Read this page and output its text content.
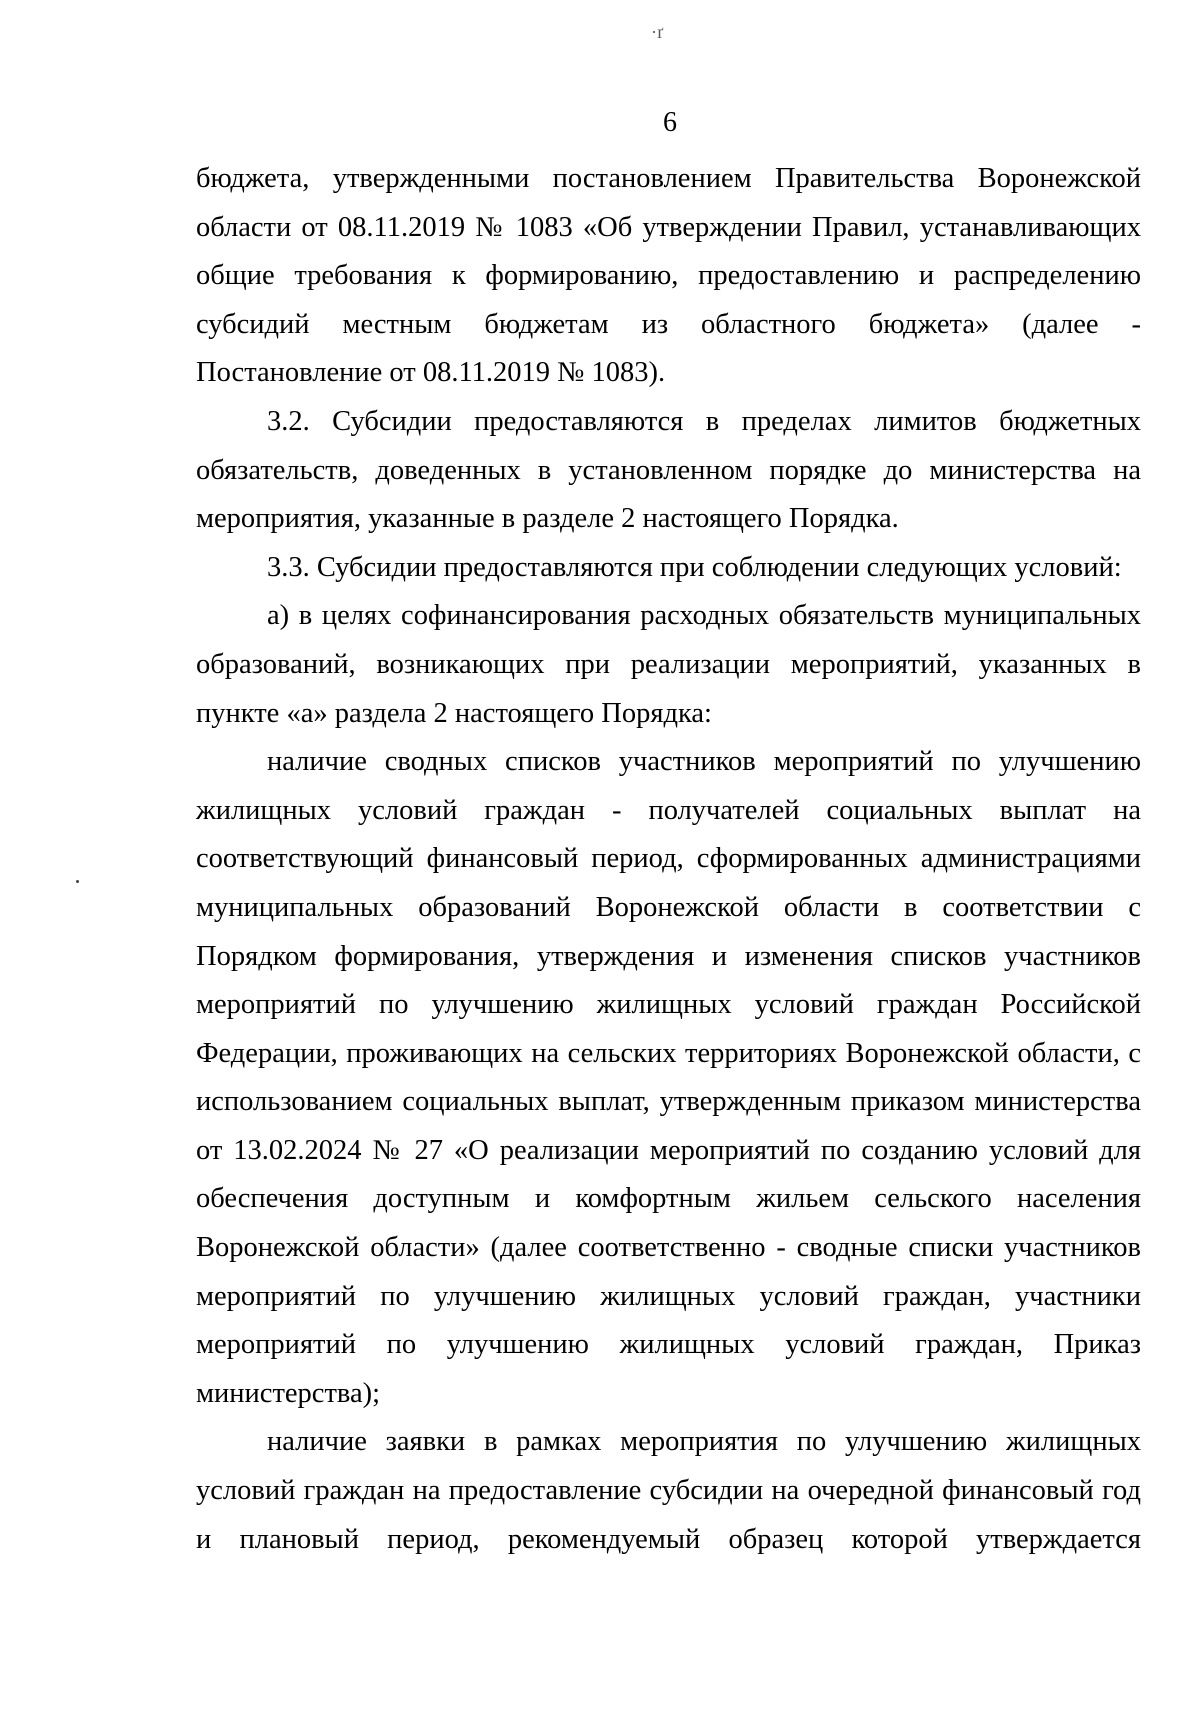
·ґ
6

бюджета, утвержденными постановлением Правительства Воронежской области от 08.11.2019 № 1083 «Об утверждении Правил, устанавливающих общие требования к формированию, предоставлению и распределению субсидий местным бюджетам из областного бюджета» (далее - Постановление от 08.11.2019 № 1083).

3.2. Субсидии предоставляются в пределах лимитов бюджетных обязательств, доведенных в установленном порядке до министерства на мероприятия, указанные в разделе 2 настоящего Порядка.

3.3. Субсидии предоставляются при соблюдении следующих условий:

а) в целях софинансирования расходных обязательств муниципальных образований, возникающих при реализации мероприятий, указанных в пункте «а» раздела 2 настоящего Порядка:

наличие сводных списков участников мероприятий по улучшению жилищных условий граждан - получателей социальных выплат на соответствующий финансовый период, сформированных администрациями муниципальных образований Воронежской области в соответствии с Порядком формирования, утверждения и изменения списков участников мероприятий по улучшению жилищных условий граждан Российской Федерации, проживающих на сельских территориях Воронежской области, с использованием социальных выплат, утвержденным приказом министерства от 13.02.2024 № 27 «О реализации мероприятий по созданию условий для обеспечения доступным и комфортным жильем сельского населения Воронежской области» (далее соответственно - сводные списки участников мероприятий по улучшению жилищных условий граждан, участники мероприятий по улучшению жилищных условий граждан, Приказ министерства);

наличие заявки в рамках мероприятия по улучшению жилищных условий граждан на предоставление субсидии на очередной финансовый год и плановый период, рекомендуемый образец которой утверждается
